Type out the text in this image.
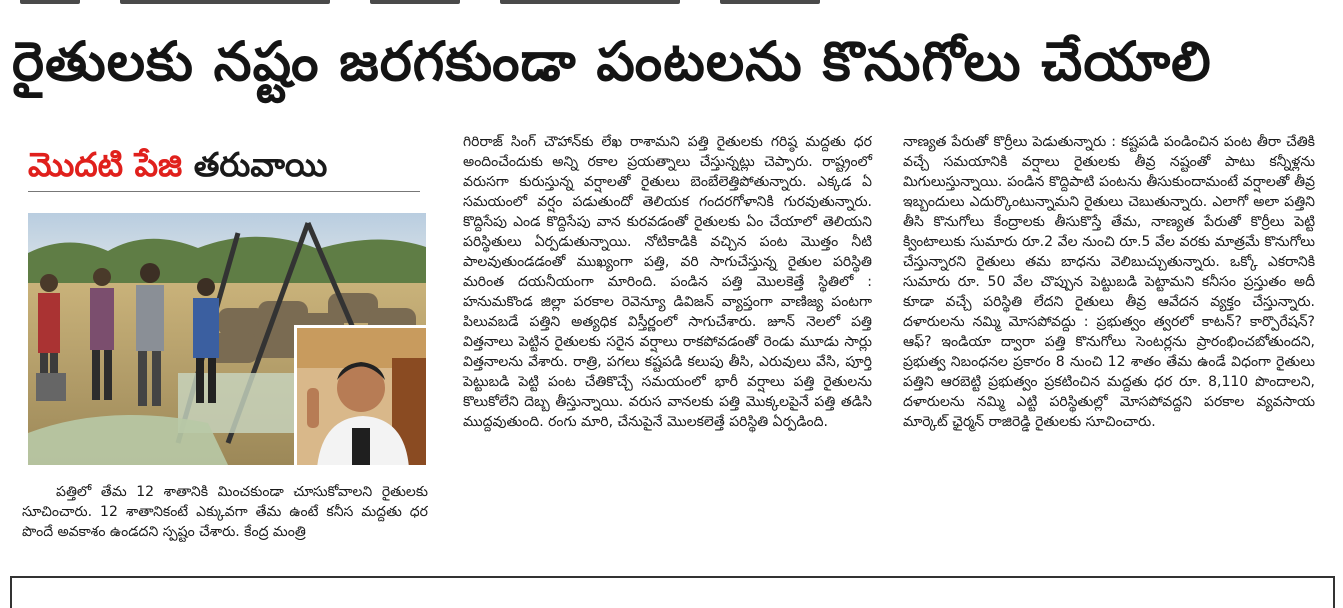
రైతులకు నష్టం జరగకుండా పంటలను కొనుగోలు చేయాలి
మొదటి పేజి తరువాయి

పత్తిలో తేమ 12 శాతానికి మించకుండా చూసుకోవాలని రైతులకు సూచించారు. 12 శాతానికంటే ఎక్కువగా తేమ ఉంటే కనీస మద్దతు ధర పొందే అవకాశం ఉండదని స్పష్టం చేశారు. కేంద్ర మంత్రి

గిరిరాజ్ సింగ్ చౌహాన్‌కు లేఖ రాశామని పత్తి రైతులకు గరిష్ఠ మద్దతు ధర అందించేందుకు అన్ని రకాల ప్రయత్నాలు చేస్తున్నట్లు చెప్పారు. రాష్ట్రంలో వరుసగా కురుస్తున్న వర్షాలతో రైతులు బెంబేలెత్తిపోతున్నారు. ఎక్కడ ఏ సమయంలో వర్షం పడుతుందో తెలియక గందరగోళానికి గురవుతున్నారు. కొద్దిసేపు ఎండ కొద్దిసేపు వాన కురవడంతో రైతులకు ఏం చేయాలో తెలియని పరిస్థితులు ఏర్పడుతున్నాయి. నోటికాడికి వచ్చిన పంట మొత్తం నీటి పాలవుతుండడంతో ముఖ్యంగా పత్తి, వరి సాగుచేస్తున్న రైతుల పరిస్థితి మరింత దయనీయంగా మారింది. పండిన పత్తి మొలకెత్తే స్థితిలో : హనుమకొండ జిల్లా పరకాల రెవెన్యూ డివిజన్ వ్యాప్తంగా వాణిజ్య పంటగా పిలువబడే పత్తిని అత్యధిక విస్తీర్ణంలో సాగుచేశారు. జూన్ నెలలో పత్తి విత్తనాలు పెట్టిన రైతులకు సరైన వర్షాలు రాకపోవడంతో రెండు మూడు సార్లు విత్తనాలను వేశారు. రాత్రి, పగలు కష్టపడి కలుపు తీసి, ఎరువులు వేసి, పూర్తి పెట్టుబడి పెట్టి పంట చేతికొచ్చే సమయంలో భారీ వర్షాలు పత్తి రైతులను కొలుకోలేని దెబ్బ తీస్తున్నాయి. వరుస వానలకు పత్తి మొక్కలపైనే పత్తి తడిసి ముద్దవుతుంది. రంగు మారి, చేనుపైనే మొలకలెత్తే పరిస్థితి ఏర్పడింది.

నాణ్యత పేరుతో కొర్రీలు పెడుతున్నారు : కష్టపడి పండించిన పంట తీరా చేతికి వచ్చే సమయానికి వర్షాలు రైతులకు తీవ్ర నష్టంతో పాటు కన్నీళ్లను మిగులుస్తున్నాయి. పండిన కొద్దిపాటి పంటను తీసుకుందామంటే వర్షాలతో తీవ్ర ఇబ్బందులు ఎదుర్కొంటున్నామని రైతులు చెబుతున్నారు. ఎలాగో అలా పత్తిని తీసి కొనుగోలు కేంద్రాలకు తీసుకొస్తే తేమ, నాణ్యత పేరుతో కొర్రీలు పెట్టి క్వింటాలుకు సుమారు రూ.2 వేల నుంచి రూ.5 వేల వరకు మాత్రమే కొనుగోలు చేస్తున్నారని రైతులు తమ బాధను వెలిబుచ్చుతున్నారు. ఒక్కో ఎకరానికి సుమారు రూ. 50 వేల చొప్పున పెట్టుబడి పెట్టామని కనీసం ప్రస్తుతం అదీ కూడా వచ్చే పరిస్థితి లేదని రైతులు తీవ్ర ఆవేదన వ్యక్తం చేస్తున్నారు. దళారులను నమ్మి మోసపోవద్దు : ప్రభుత్వం త్వరలో కాటన్? కార్పొరేషన్? ఆఫ్? ఇండియా ద్వారా పత్తి కొనుగోలు సెంటర్లను ప్రారంభించబోతుందని, ప్రభుత్వ నిబంధనల ప్రకారం 8 నుంచి 12 శాతం తేమ ఉండే విధంగా రైతులు పత్తిని ఆరబెట్టి ప్రభుత్వం ప్రకటించిన మద్దతు ధర రూ. 8,110 పొందాలని, దళారులను నమ్మి ఎట్టి పరిస్థితుల్లో మోసపోవద్దని పరకాల వ్యవసాయ మార్కెట్ ఛైర్మన్ రాజిరెడ్డి రైతులకు సూచించారు.
